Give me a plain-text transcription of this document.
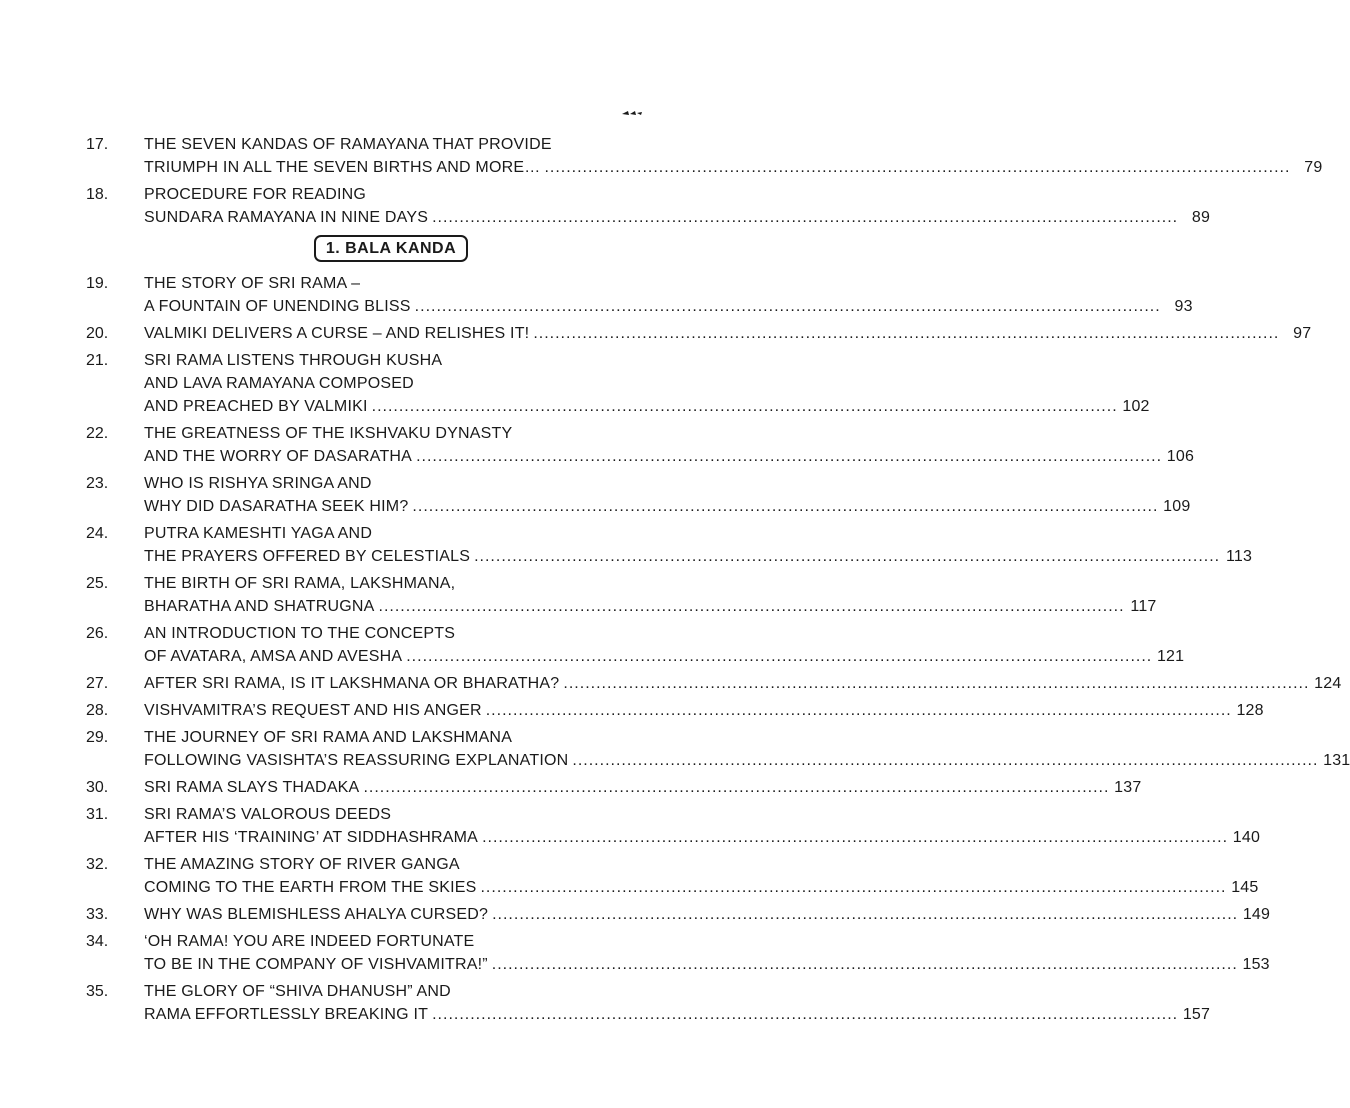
17.	THE SEVEN KANDAS OF RAMAYANA THAT PROVIDE
TRIUMPH IN ALL THE SEVEN BIRTHS AND MORE… .....	79
18.	PROCEDURE FOR READING
SUNDARA RAMAYANA IN NINE DAYS .....	89
1. BALA KANDA
19.	THE STORY OF SRI RAMA –
A FOUNTAIN OF UNENDING BLISS .....	93
20.	VALMIKI DELIVERS A CURSE – AND RELISHES IT! .....	97
21.	SRI RAMA LISTENS THROUGH KUSHA
AND LAVA RAMAYANA COMPOSED
AND PREACHED BY VALMIKI .....	102
22.	THE GREATNESS OF THE IKSHVAKU DYNASTY
AND THE WORRY OF DASARATHA .....	106
23.	WHO IS RISHYA SRINGA AND
WHY DID DASARATHA SEEK HIM? .....	109
24.	PUTRA KAMESHTI YAGA AND
THE PRAYERS OFFERED BY CELESTIALS .....	113
25.	THE BIRTH OF SRI RAMA, LAKSHMANA,
BHARATHA AND SHATRUGNA .....	117
26.	AN INTRODUCTION TO THE CONCEPTS
OF AVATARA, AMSA AND AVESHA .....	121
27.	AFTER SRI RAMA, IS IT LAKSHMANA OR BHARATHA? .....	124
28.	VISHVAMITRA’S REQUEST AND HIS ANGER .....	128
29.	THE JOURNEY OF SRI RAMA AND LAKSHMANA
FOLLOWING VASISHTA’S REASSURING EXPLANATION .....	131
30.	SRI RAMA SLAYS THADAKA .....	137
31.	SRI RAMA’S VALOROUS DEEDS
AFTER HIS ‘TRAINING’ AT SIDDHASHRAMA .....	140
32.	THE AMAZING STORY OF RIVER GANGA
COMING TO THE EARTH FROM THE SKIES .....	145
33.	WHY WAS BLEMISHLESS AHALYA CURSED? .....	149
34.	‘OH RAMA! YOU ARE INDEED FORTUNATE
TO BE IN THE COMPANY OF VISHVAMITRA!” .....	153
35.	THE GLORY OF “SHIVA DHANUSH” AND
RAMA EFFORTLESSLY BREAKING IT .....	157
